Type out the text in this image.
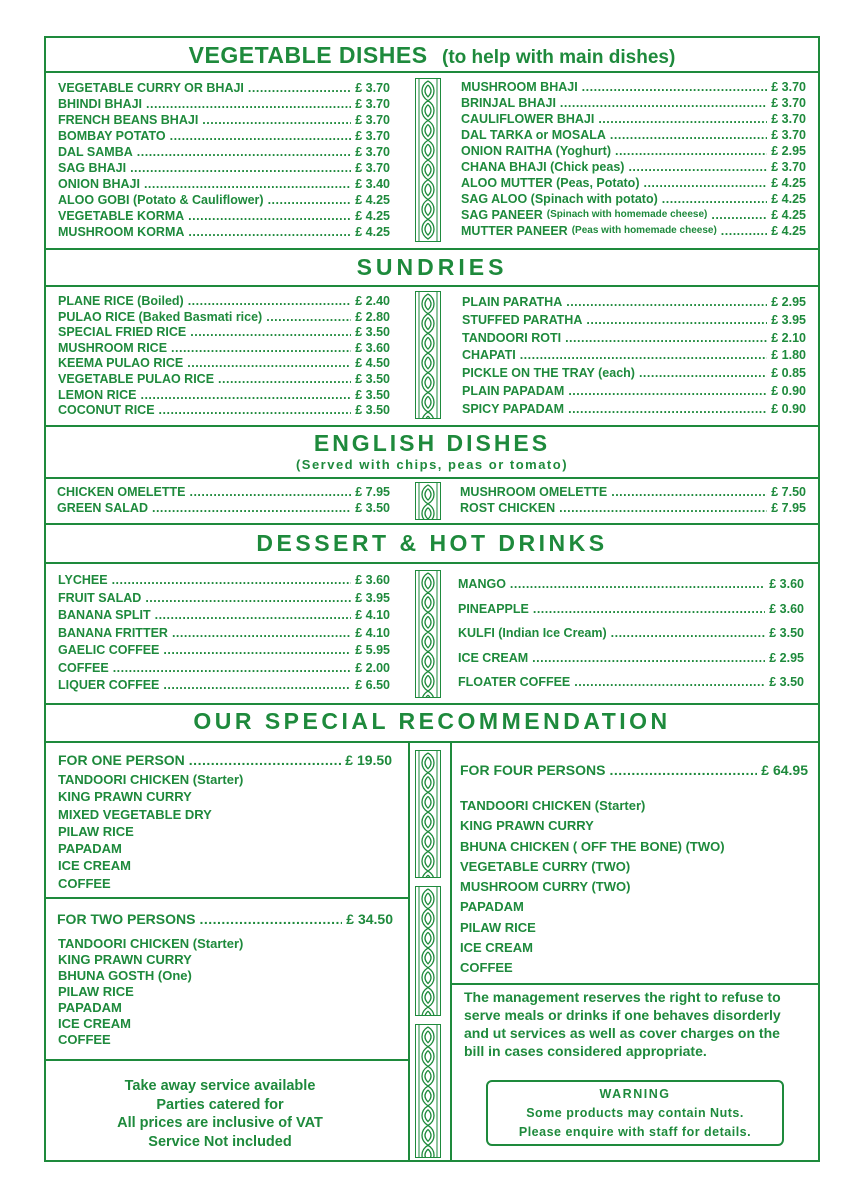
VEGETABLE DISHES (to help with main dishes)
SUNDRIES
ENGLISH DISHES
(Served with chips, peas or tomato)
DESSERT & HOT DRINKS
OUR SPECIAL RECOMMENDATION
VEGETABLE CURRY OR BHAJI .....	£ 3.70
BHINDI BHAJI .....	£ 3.70
FRENCH BEANS BHAJI .....	£ 3.70
BOMBAY POTATO .....	£ 3.70
DAL SAMBA .....	£ 3.70
SAG BHAJI .....	£ 3.70
ONION BHAJI .....	£ 3.40
ALOO GOBI (Potato & Cauliflower) .....	£ 4.25
VEGETABLE KORMA .....	£ 4.25
MUSHROOM KORMA .....	£ 4.25
MUSHROOM BHAJI .....	£ 3.70
BRINJAL BHAJI .....	£ 3.70
CAULIFLOWER BHAJI .....	£ 3.70
DAL TARKA or MOSALA .....	£ 3.70
ONION RAITHA (Yoghurt) .....	£ 2.95
CHANA BHAJI (Chick peas) .....	£ 3.70
ALOO MUTTER (Peas, Potato) .....	£ 4.25
SAG ALOO (Spinach with potato) .....	£ 4.25
SAG PANEER (Spinach with homemade cheese) .....	£ 4.25
MUTTER PANEER (Peas with homemade cheese) .....	£ 4.25
PLANE RICE (Boiled) .....	£ 2.40
PULAO RICE (Baked Basmati rice) .....	£ 2.80
SPECIAL FRIED RICE .....	£ 3.50
MUSHROOM RICE .....	£ 3.60
KEEMA PULAO RICE .....	£ 4.50
VEGETABLE PULAO RICE .....	£ 3.50
LEMON RICE .....	£ 3.50
COCONUT RICE .....	£ 3.50
PLAIN PARATHA .....	£ 2.95
STUFFED PARATHA .....	£ 3.95
TANDOORI ROTI .....	£ 2.10
CHAPATI .....	£ 1.80
PICKLE ON THE TRAY (each) .....	£ 0.85
PLAIN PAPADAM .....	£ 0.90
SPICY PAPADAM .....	£ 0.90
CHICKEN OMELETTE .....	£ 7.95
GREEN SALAD .....	£ 3.50
MUSHROOM OMELETTE .....	£ 7.50
ROST CHICKEN .....	£ 7.95
LYCHEE .....	£ 3.60
FRUIT SALAD .....	£ 3.95
BANANA SPLIT .....	£ 4.10
BANANA FRITTER .....	£ 4.10
GAELIC COFFEE .....	£ 5.95
COFFEE .....	£ 2.00
LIQUER COFFEE .....	£ 6.50
MANGO .....	£ 3.60
PINEAPPLE .....	£ 3.60
KULFI (Indian Ice Cream) .....	£ 3.50
ICE CREAM .....	£ 2.95
FLOATER COFFEE .....	£ 3.50
FOR ONE PERSON .....	£ 19.50
TANDOORI CHICKEN (Starter)
KING PRAWN CURRY
MIXED VEGETABLE DRY
PILAW RICE
PAPADAM
ICE CREAM
COFFEE
FOR TWO PERSONS .....	£ 34.50
TANDOORI CHICKEN (Starter)
KING PRAWN CURRY
BHUNA GOSTH (One)
PILAW RICE
PAPADAM
ICE CREAM
COFFEE
FOR FOUR PERSONS .....	£ 64.95
TANDOORI CHICKEN (Starter)
KING PRAWN CURRY
BHUNA CHICKEN ( OFF THE BONE) (TWO)
VEGETABLE CURRY (TWO)
MUSHROOM CURRY (TWO)
PAPADAM
PILAW RICE
ICE CREAM
COFFEE
The management reserves the right to refuse to
serve meals or drinks if one behaves disorderly
and ut services as well as cover charges on the
bill in cases considered appropriate.
WARNING
Some products may contain Nuts.
Please enquire with staff for details.
Take away service available
Parties catered for
All prices are inclusive of VAT
Service Not included
